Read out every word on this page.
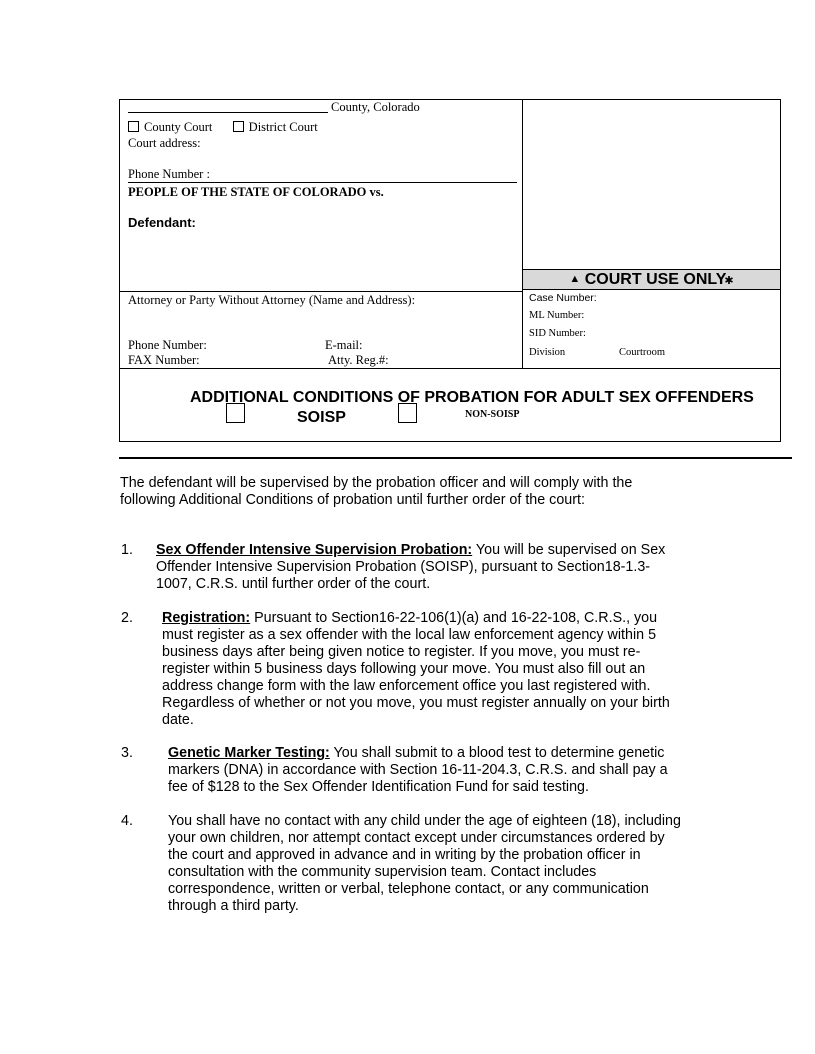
▲ COURT USE ONLY✱
County, Colorado
County Court	District Court
Court address:
Phone Number :
PEOPLE OF THE STATE OF COLORADO vs.
Defendant:
Attorney or Party Without Attorney (Name and Address):
Phone Number:	E-mail:
FAX Number:	Atty. Reg.#:
Case Number:
ML Number:
SID Number:
Division	Courtroom
ADDITIONAL CONDITIONS OF PROBATION FOR ADULT SEX OFFENDERS
SOISP	NON-SOISP

The defendant will be supervised by the probation officer and will comply with the

following Additional Conditions of probation until further order of the court:

1. Sex Offender Intensive Supervision Probation: You will be supervised on Sex

Offender Intensive Supervision Probation (SOISP), pursuant to Section18-1.3-

1007, C.R.S. until further order of the court.

2. Registration: Pursuant to Section16-22-106(1)(a) and 16-22-108, C.R.S., you

must register as a sex offender with the local law enforcement agency within 5

business days after being given notice to register. If you move, you must re-

register within 5 business days following your move. You must also fill out an

address change form with the law enforcement office you last registered with.

Regardless of whether or not you move, you must register annually on your birth

date.

3. Genetic Marker Testing: You shall submit to a blood test to determine genetic

markers (DNA) in accordance with Section 16-11-204.3, C.R.S. and shall pay a

fee of $128 to the Sex Offender Identification Fund for said testing.

4. You shall have no contact with any child under the age of eighteen (18), including

your own children, nor attempt contact except under circumstances ordered by

the court and approved in advance and in writing by the probation officer in

consultation with the community supervision team. Contact includes

correspondence, written or verbal, telephone contact, or any communication

through a third party.
